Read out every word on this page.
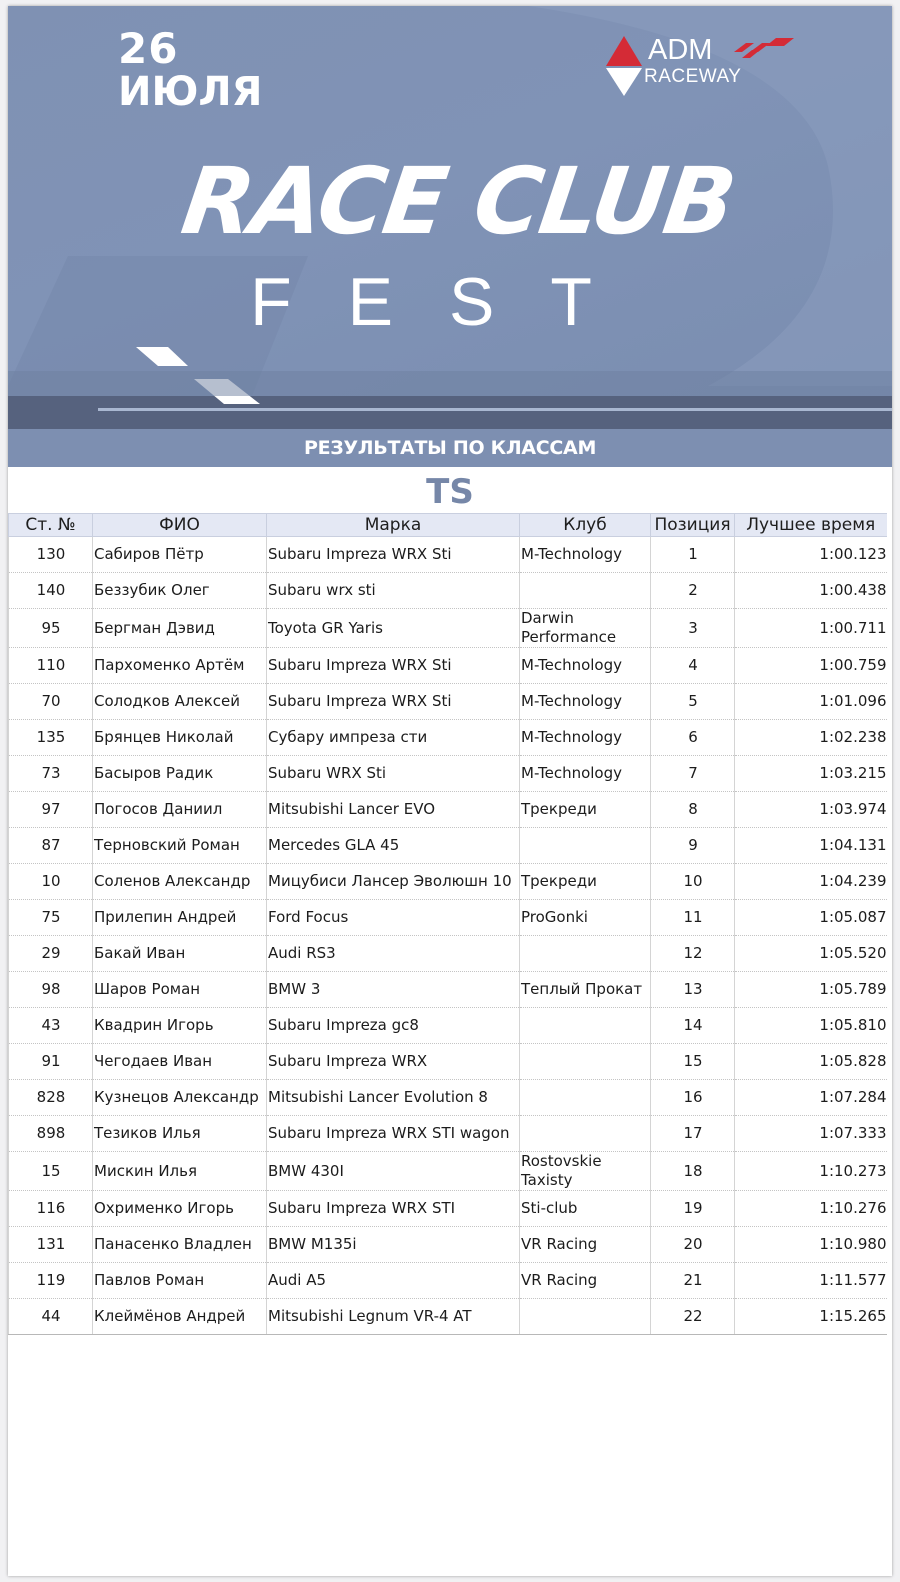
26
ИЮЛЯ
ADM
RACEWAY
RACE CLUB
FEST
РЕЗУЛЬТАТЫ ПО КЛАССАМ
TS
Ст. №	ФИО	Марка	Клуб	Позиция	Лучшее время
130	Сабиров Пётр	Subaru Impreza WRX Sti	M-Technology	1	1:00.123
140	Беззубик Олег	Subaru wrx sti		2	1:00.438
95	Бергман Дэвид	Toyota GR Yaris	Darwin Performance	3	1:00.711
110	Пархоменко Артём	Subaru Impreza WRX Sti	M-Technology	4	1:00.759
70	Солодков Алексей	Subaru Impreza WRX Sti	M-Technology	5	1:01.096
135	Брянцев Николай	Субару импреза сти	M-Technology	6	1:02.238
73	Басыров Радик	Subaru WRX Sti	M-Technology	7	1:03.215
97	Погосов Даниил	Mitsubishi Lancer EVO	Трекреди	8	1:03.974
87	Терновский Роман	Mercedes GLA 45		9	1:04.131
10	Соленов Александр	Мицубиси Лансер Эволюшн 10	Трекреди	10	1:04.239
75	Прилепин Андрей	Ford Focus	ProGonki	11	1:05.087
29	Бакай Иван	Audi RS3		12	1:05.520
98	Шаров Роман	BMW 3	Теплый Прокат	13	1:05.789
43	Квадрин Игорь	Subaru Impreza gc8		14	1:05.810
91	Чегодаев Иван	Subaru Impreza WRX		15	1:05.828
828	Кузнецов Александр	Mitsubishi Lancer Evolution 8		16	1:07.284
898	Тезиков Илья	Subaru Impreza WRX STI wagon		17	1:07.333
15	Мискин Илья	BMW 430I	Rostovskie Taxisty	18	1:10.273
116	Охрименко Игорь	Subaru Impreza WRX STI	Sti-club	19	1:10.276
131	Панасенко Владлен	BMW M135i	VR Racing	20	1:10.980
119	Павлов Роман	Audi A5	VR Racing	21	1:11.577
44	Клеймёнов Андрей	Mitsubishi Legnum VR-4 AT		22	1:15.265
